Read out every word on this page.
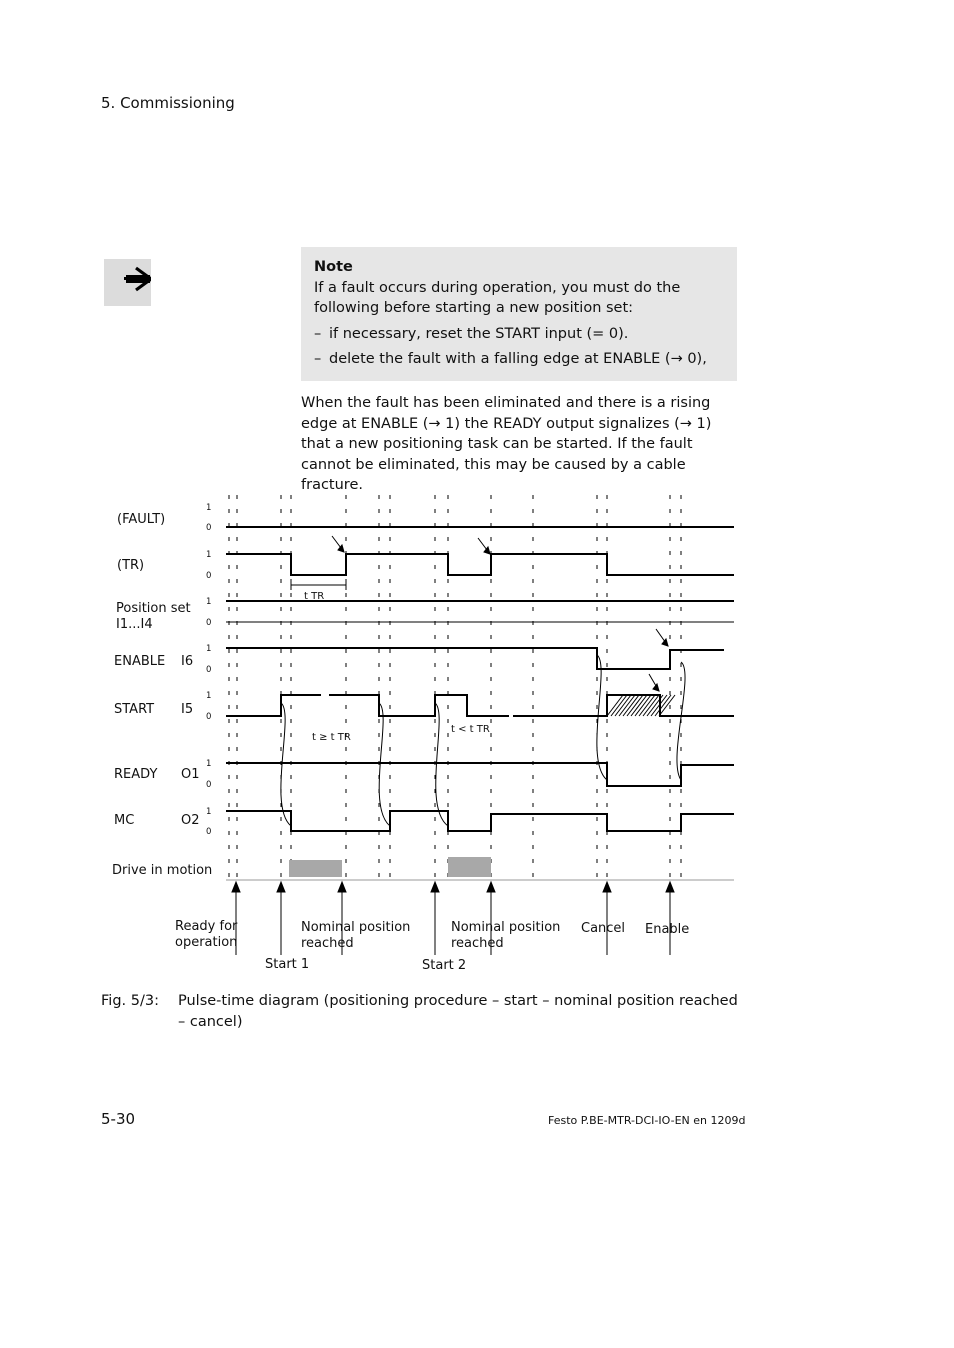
5. Commissioning
Note
If a fault occurs during operation, you must do the following before starting a new position set:
– if necessary, reset the START input (= 0).
– delete the fault with a falling edge at ENABLE (→ 0),
When the fault has been eliminated and there is a rising edge at ENABLE (→ 1) the READY output signalizes (→ 1) that a new positioning task can be started. If the fault cannot be eliminated, this may be caused by a cable fracture.
(FAULT)
(TR)
Position set
I1...I4
ENABLE I6
START I5
READY O1
MC	O2
Drive in motion
t TR
t ≥ t TR
t < t TR
Ready for
operation
Start 1
Nominal position
reached
Start 2
Nominal position
reached
Cancel Enable
1
0
1
0
1
0
1
0
1
0
1
0
1
0
Fig. 5/3: Pulse-time diagram (positioning procedure – start – nominal position reached – cancel)
5-30	Festo P.BE-MTR-DCI-IO-EN en 1209d
